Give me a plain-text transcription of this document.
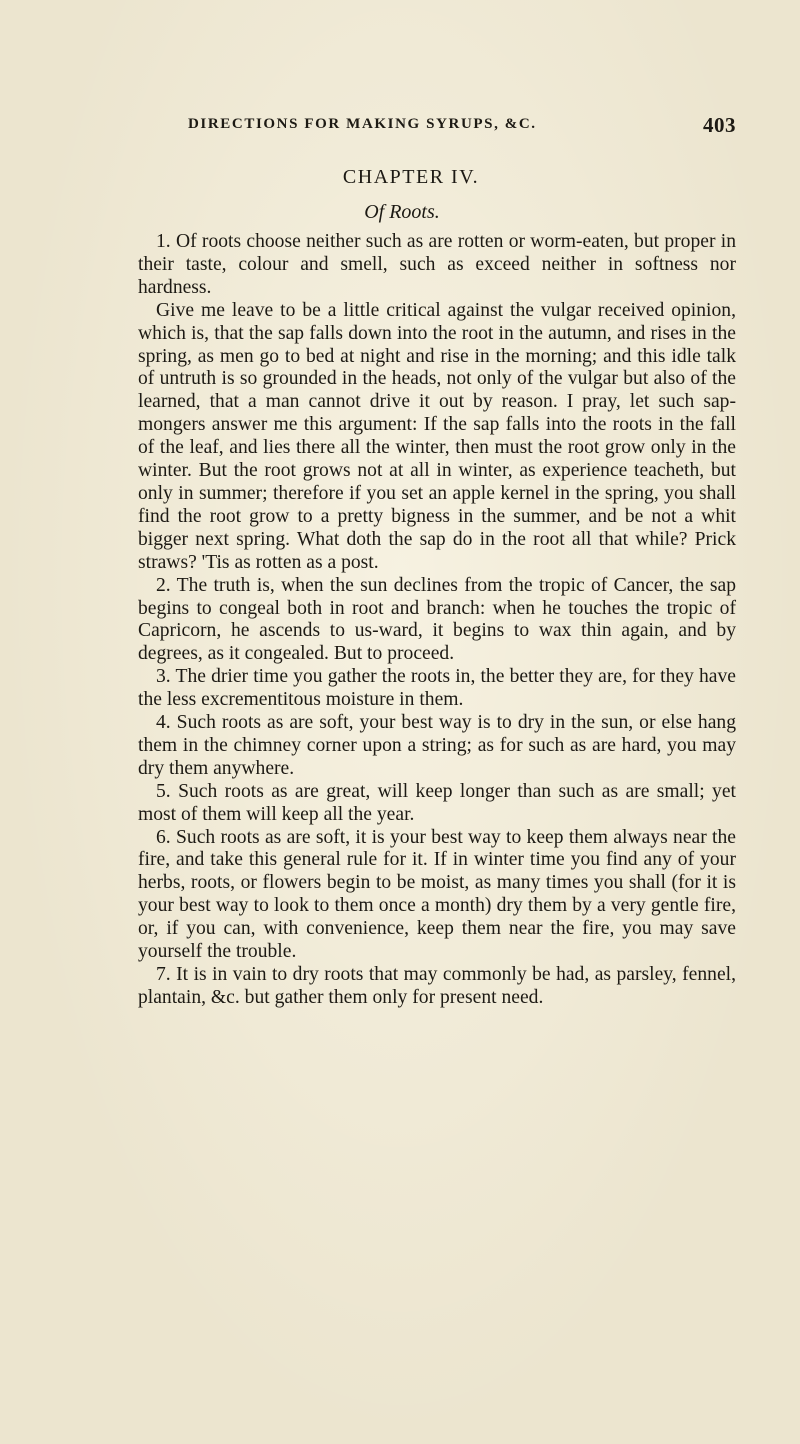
DIRECTIONS FOR MAKING SYRUPS, &C.	403
CHAPTER IV.
Of Roots.

1. Of roots choose neither such as are rotten or worm-eaten, but proper in their taste, colour and smell, such as exceed neither in softness nor hardness.

Give me leave to be a little critical against the vulgar received opinion, which is, that the sap falls down into the root in the autumn, and rises in the spring, as men go to bed at night and rise in the morning; and this idle talk of untruth is so grounded in the heads, not only of the vulgar but also of the learned, that a man cannot drive it out by reason. I pray, let such sap-mongers answer me this argument: If the sap falls into the roots in the fall of the leaf, and lies there all the winter, then must the root grow only in the winter. But the root grows not at all in winter, as experience teacheth, but only in summer; therefore if you set an apple kernel in the spring, you shall find the root grow to a pretty bigness in the summer, and be not a whit bigger next spring. What doth the sap do in the root all that while? Prick straws? 'Tis as rotten as a post.

2. The truth is, when the sun declines from the tropic of Cancer, the sap begins to congeal both in root and branch: when he touches the tropic of Capricorn, he ascends to us-ward, it begins to wax thin again, and by degrees, as it congealed. But to proceed.

3. The drier time you gather the roots in, the better they are, for they have the less excrementitous moisture in them.

4. Such roots as are soft, your best way is to dry in the sun, or else hang them in the chimney corner upon a string; as for such as are hard, you may dry them anywhere.

5. Such roots as are great, will keep longer than such as are small; yet most of them will keep all the year.

6. Such roots as are soft, it is your best way to keep them always near the fire, and take this general rule for it. If in winter time you find any of your herbs, roots, or flowers begin to be moist, as many times you shall (for it is your best way to look to them once a month) dry them by a very gentle fire, or, if you can, with convenience, keep them near the fire, you may save yourself the trouble.

7. It is in vain to dry roots that may commonly be had, as parsley, fennel, plantain, &c. but gather them only for present need.
